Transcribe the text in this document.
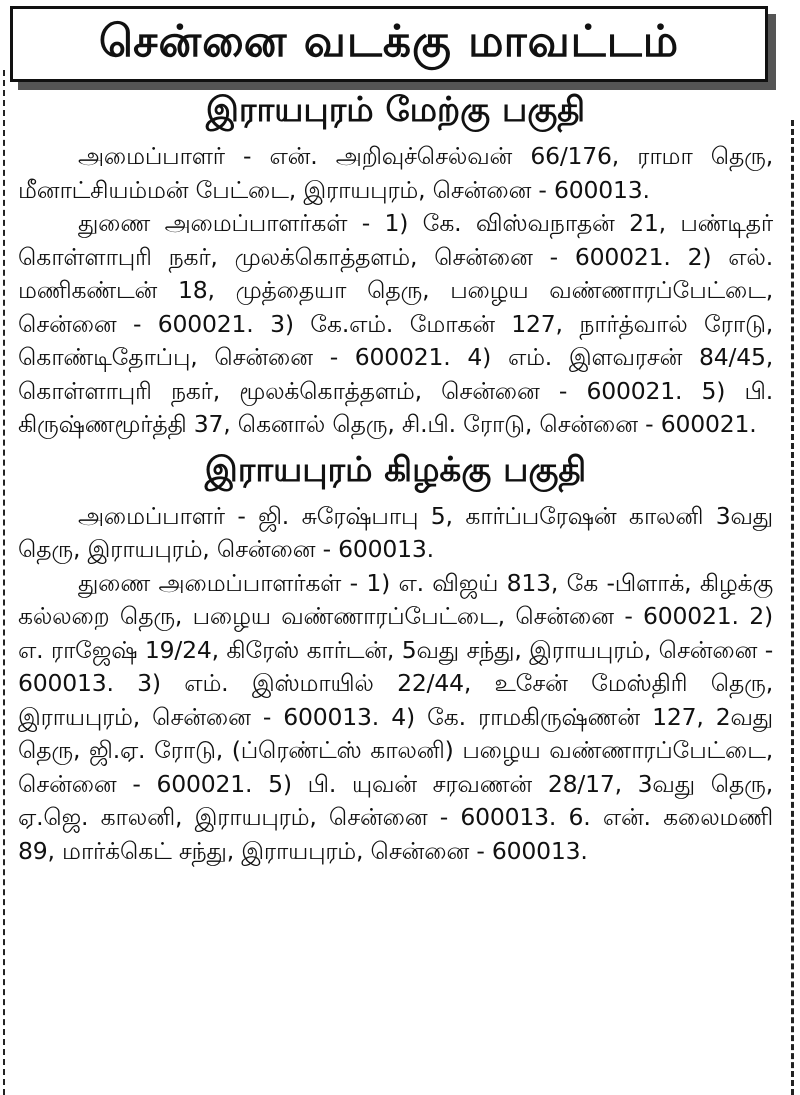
சென்னை வடக்கு மாவட்டம்
இராயபுரம் மேற்கு பகுதி

அமைப்பாளர் - என். அறிவுச்செல்வன் 66/176, ராமா தெரு, மீனாட்சியம்மன் பேட்டை, இராயபுரம், சென்னை - 600013.

துணை அமைப்பாளர்கள் - 1) கே. விஸ்வநாதன் 21, பண்டிதர் கொள்ளாபுரி நகர், முலக்கொத்தளம், சென்னை - 600021. 2) எல். மணிகண்டன் 18, முத்தையா தெரு, பழைய வண்ணாரப்பேட்டை, சென்னை - 600021. 3) கே.எம். மோகன் 127, நார்த்வால் ரோடு, கொண்டிதோப்பு, சென்னை - 600021. 4) எம். இளவரசன் 84/45, கொள்ளாபுரி நகர், மூலக்கொத்தளம், சென்னை - 600021. 5) பி. கிருஷ்ணமூர்த்தி 37, கெனால் தெரு, சி.பி. ரோடு, சென்னை - 600021.

இராயபுரம் கிழக்கு பகுதி

அமைப்பாளர் - ஜி. சுரேஷ்பாபு 5, கார்ப்பரேஷன் காலனி 3வது தெரு, இராயபுரம், சென்னை - 600013.

துணை அமைப்பாளர்கள் - 1) எ. விஜய் 813, கே -பிளாக், கிழக்கு கல்லறை தெரு, பழைய வண்ணாரப்பேட்டை, சென்னை - 600021. 2) எ. ராஜேஷ் 19/24, கிரேஸ் கார்டன், 5வது சந்து, இராயபுரம், சென்னை - 600013. 3) எம். இஸ்மாயில் 22/44, உசேன் மேஸ்திரி தெரு, இராயபுரம், சென்னை - 600013. 4) கே. ராமகிருஷ்ணன் 127, 2வது தெரு, ஜி.ஏ. ரோடு, (ப்ரெண்ட்ஸ் காலனி) பழைய வண்ணாரப்பேட்டை, சென்னை - 600021. 5) பி. யுவன் சரவணன் 28/17, 3வது தெரு, ஏ.ஜெ. காலனி, இராயபுரம், சென்னை - 600013. 6. என். கலைமணி 89, மார்க்கெட் சந்து, இராயபுரம், சென்னை - 600013.
